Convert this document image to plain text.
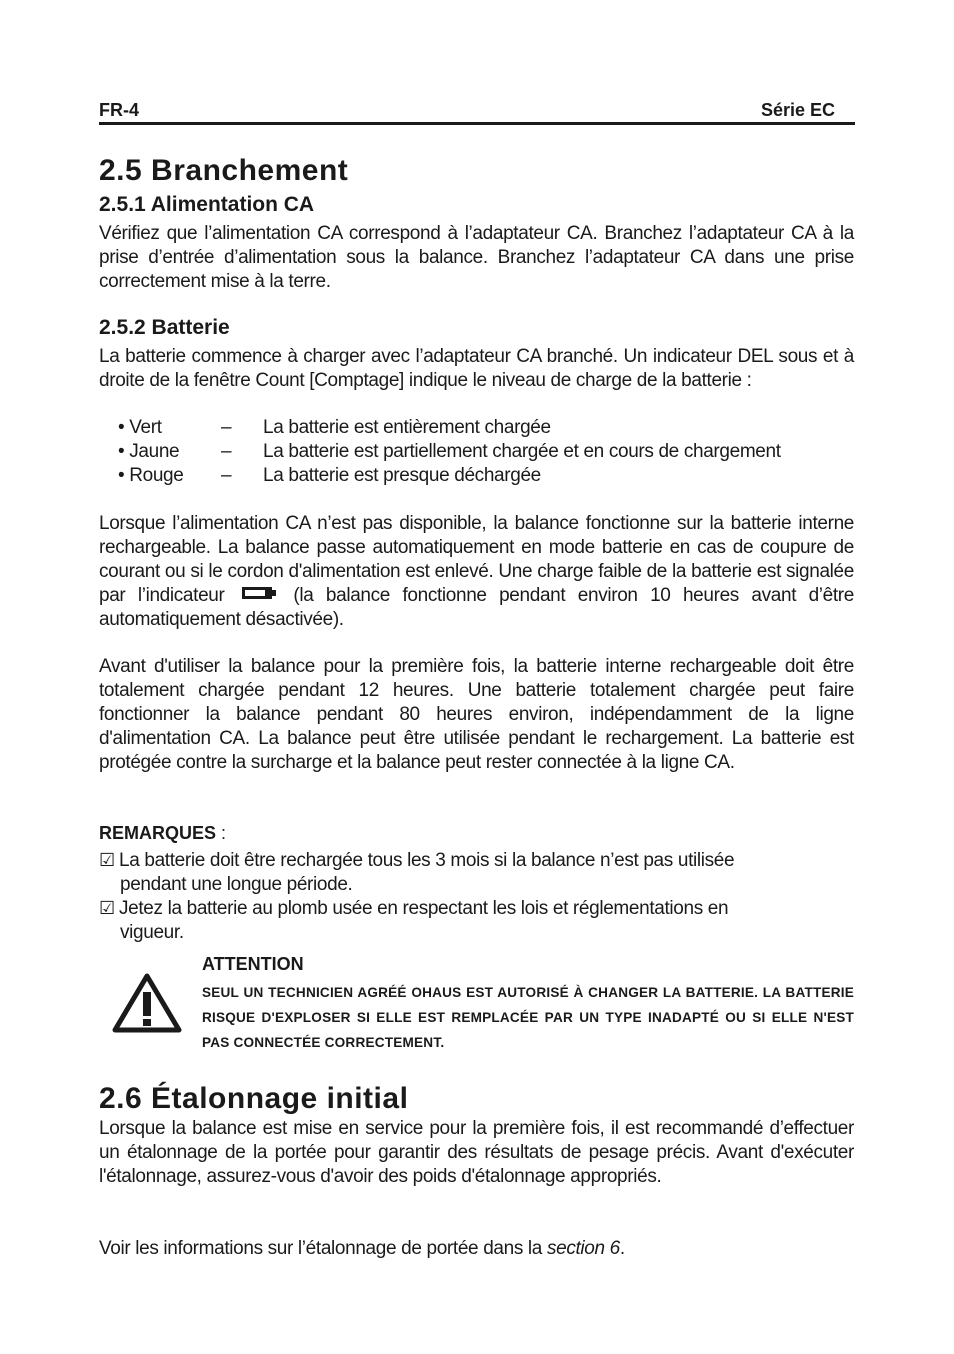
FR-4	Série EC
2.5 Branchement
2.5.1 Alimentation CA

Vérifiez que l’alimentation CA correspond à l’adaptateur CA. Branchez l’adaptateur CA à la prise d’entrée d’alimentation sous la balance. Branchez l’adaptateur CA dans une prise correctement mise à la terre.

2.5.2 Batterie

La batterie commence à charger avec l’adaptateur CA branché. Un indicateur DEL sous et à droite de la fenêtre Count [Comptage] indique le niveau de charge de la batterie :

• Vert	– La batterie est entièrement chargée
• Jaune – La batterie est partiellement chargée et en cours de chargement
• Rouge – La batterie est presque déchargée

Lorsque l’alimentation CA n’est pas disponible, la balance fonctionne sur la batterie interne rechargeable. La balance passe automatiquement en mode batterie en cas de coupure de courant ou si le cordon d'alimentation est enlevé. Une charge faible de la batterie est signalée par l’indicateur	(la balance fonctionne pendant environ 10 heures avant d’être automatiquement désactivée).

Avant d'utiliser la balance pour la première fois, la batterie interne rechargeable doit être totalement chargée pendant 12 heures. Une batterie totalement chargée peut faire fonctionner la balance pendant 80 heures environ, indépendamment de la ligne d'alimentation CA. La balance peut être utilisée pendant le rechargement. La batterie est protégée contre la surcharge et la balance peut rester connectée à la ligne CA.

REMARQUES :
☑ La batterie doit être rechargée tous les 3 mois si la balance n’est pas utilisée
pendant une longue période.
☑ Jetez la batterie au plomb usée en respectant les lois et réglementations en
vigueur.
ATTENTION
SEUL UN TECHNICIEN AGRÉÉ OHAUS EST AUTORISÉ À CHANGER LA BATTERIE. LA BATTERIE RISQUE D'EXPLOSER SI ELLE EST REMPLACÉE PAR UN TYPE INADAPTÉ OU SI ELLE N'EST PAS CONNECTÉE CORRECTEMENT.
2.6 Étalonnage initial

Lorsque la balance est mise en service pour la première fois, il est recommandé d’effectuer un étalonnage de la portée pour garantir des résultats de pesage précis. Avant d'exécuter l'étalonnage, assurez-vous d'avoir des poids d'étalonnage appropriés.

Voir les informations sur l’étalonnage de portée dans la section 6.
